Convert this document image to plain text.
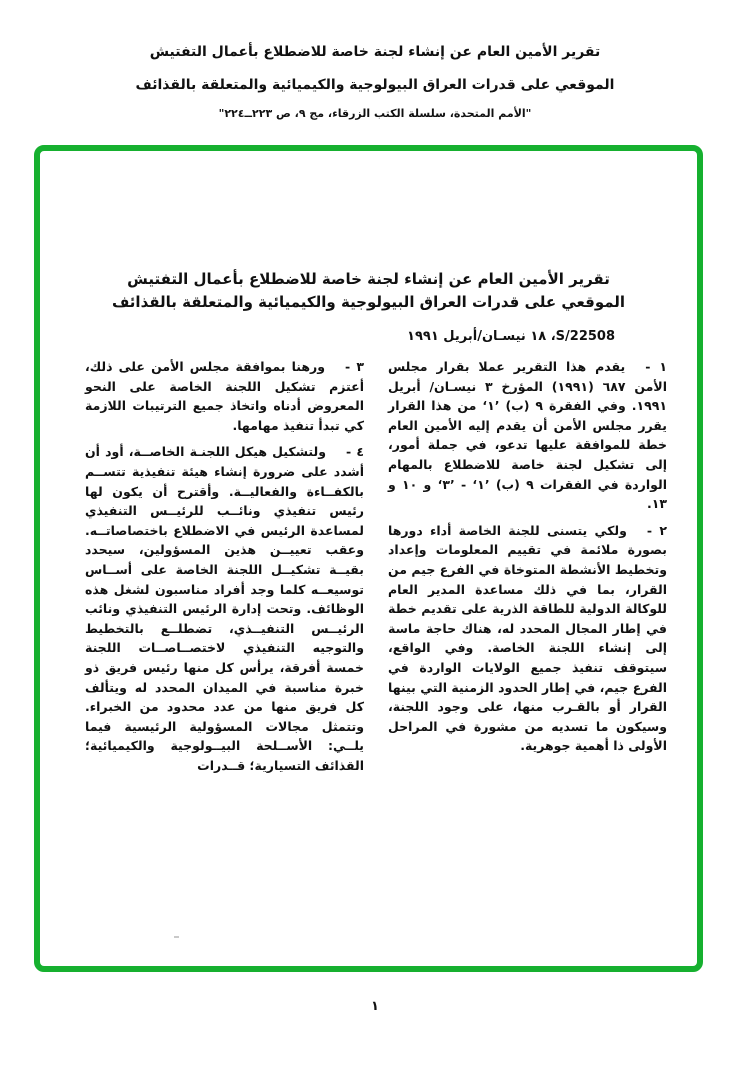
تقرير الأمين العام عن إنشاء لجنة خاصة للاضطلاع بأعمال التفتيش
الموقعي على قدرات العراق البيولوجية والكيميائية والمتعلقة بالقذائف
"الأمم المتحدة، سلسلة الكتب الزرقاء، مج ٩، ص ٢٢٣ــ٢٢٤"
تقرير الأمين العام عن إنشاء لجنة خاصة للاضطلاع بأعمال التفتيش
الموقعي على قدرات العراق البيولوجية والكيميائية والمتعلقة بالقذائف
S/22508، ١٨ نيسـان/أبريل ١٩٩١

١ -يقدم هذا التقرير عملا بقرار مجلس الأمن ٦٨٧ (١٩٩١) المؤرخ ٣ نيسـان/ أبريل ١٩٩١. وفي الفقرة ٩ (ب) ’١‘ من هذا القرار يقرر مجلس الأمن أن يقدم إليه الأمين العام خطة للموافقة عليها تدعو، في جملة أمور، إلى تشكيل لجنة خاصة للاضطلاع بالمهام الواردة في الفقرات ٩ (ب) ’١‘ - ’٣‘ و ١٠ و ١٣.

٢ -ولكي يتسنى للجنة الخاصة أداء دورها بصورة ملائمة في تقييم المعلومات وإعداد وتخطيط الأنشطة المتوخاة في الفرع جيم من القرار، بما في ذلك مساعدة المدير العام للوكالة الدولية للطاقة الذرية على تقديم خطة في إطار المجال المحدد له، هناك حاجة ماسة إلى إنشاء اللجنة الخاصة. وفي الواقع، سيتوقف تنفيذ جميع الولايات الواردة في الفرع جيم، في إطار الحدود الزمنية التي بينها القرار أو بالقـرب منها، على وجود اللجنة، وسيكون ما تسديه من مشورة في المراحل الأولى ذا أهمية جوهرية.

٣ -ورهنا بموافقة مجلس الأمن على ذلك، أعتزم تشكيل اللجنة الخاصة على النحو المعروض أدناه واتخاذ جميع الترتيبات اللازمة كي تبدأ تنفيذ مهامها.

٤ -ولتشكيل هيكل اللجنـة الخاصــة، أود أن أشدد على ضرورة إنشاء هيئة تنفيذية تتســم بالكفــاءة والفعاليــة. وأقترح أن يكون لها رئيس تنفيذي ونائــب للرئيــس التنفيذي لمساعدة الرئيس في الاضطلاع باختصاصاتــه. وعقب تعييــن هذين المسؤولين، سيحدد بقيــة تشكيــل اللجنة الخاصة على أســاس توسيعــه كلما وجد أفراد مناسبون لشغل هذه الوظائف. وتحت إدارة الرئيس التنفيذي ونائب الرئيــس التنفيــذي، تضطلــع بالتخطيط والتوجيه التنفيذي لاختصــاصــات اللجنة خمسة أفرقة، يرأس كل منها رئيس فريق ذو خبرة مناسبة في الميدان المحدد له ويتألف كل فريق منها من عدد محدود من الخبراء. وتتمثل مجالات المسؤولية الرئيسية فيما يلــي: الأســلحة البيــولوجية والكيميائية؛ القذائف التسيارية؛ قــدرات

١
